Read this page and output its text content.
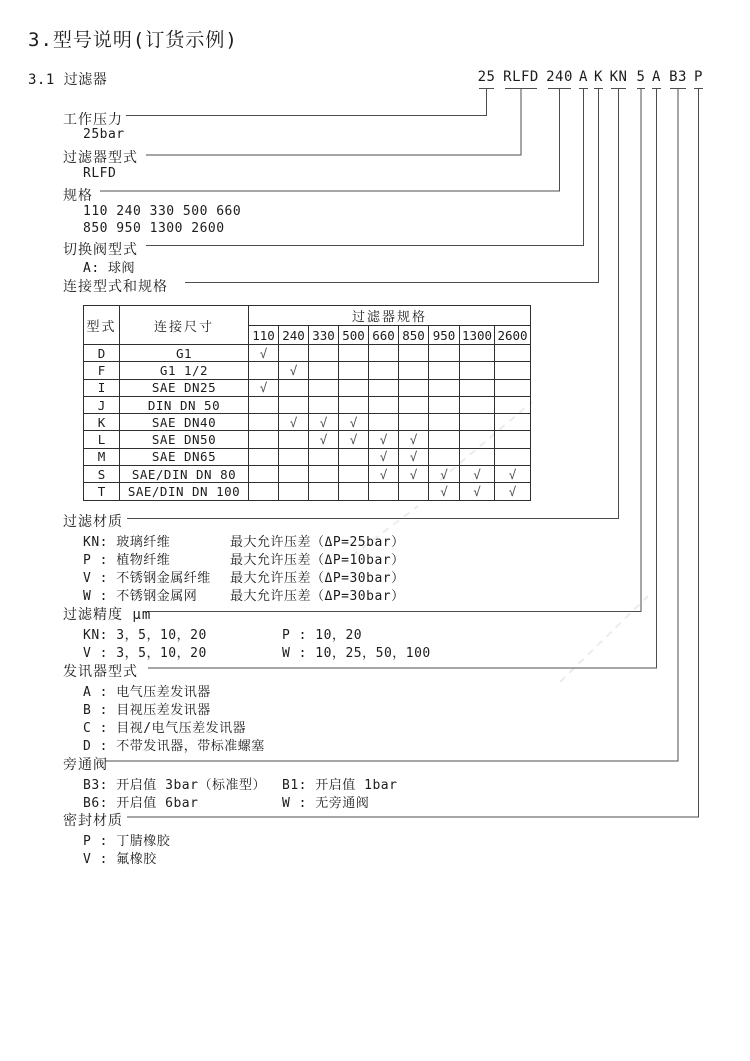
3.型号说明(订货示例)
3.1 过滤器	25 RLFD 240 A K KN 5 A B3 P
工作压力
25bar
过滤器型式
RLFD
规格
110 240 330 500 660
850 950 1300 2600
切换阀型式
A: 球阀
连接型式和规格
型式	连接尺寸	过滤器规格								
		110	240	330	500	660	850	950	1300	2600
D	G1	√								
F	G1 1/2		√							
I	SAE DN25	√								
J	DIN DN 50									
K	SAE DN40		√	√	√					
L	SAE DN50			√	√	√	√			
M	SAE DN65					√	√			
S	SAE/DIN DN 80					√	√	√	√	√
T	SAE/DIN DN 100							√	√	√
过滤材质
KN: 玻璃纤维	最大允许压差（ΔP=25bar）
P : 植物纤维	最大允许压差（ΔP=10bar）
V : 不锈钢金属纤维 最大允许压差（ΔP=30bar）
W : 不锈钢金属网	最大允许压差（ΔP=30bar）
过滤精度 μm
KN: 3，5，10，20	P : 10，20
V : 3，5，10，20	W : 10，25，50，100
发讯器型式
A : 电气压差发讯器
B : 目视压差发讯器
C : 目视/电气压差发讯器
D : 不带发讯器，带标准螺塞
旁通阀
B3: 开启值 3bar（标准型） B1: 开启值 1bar
B6: 开启值 6bar	W : 无旁通阀
密封材质
P : 丁腈橡胶
V : 氟橡胶
